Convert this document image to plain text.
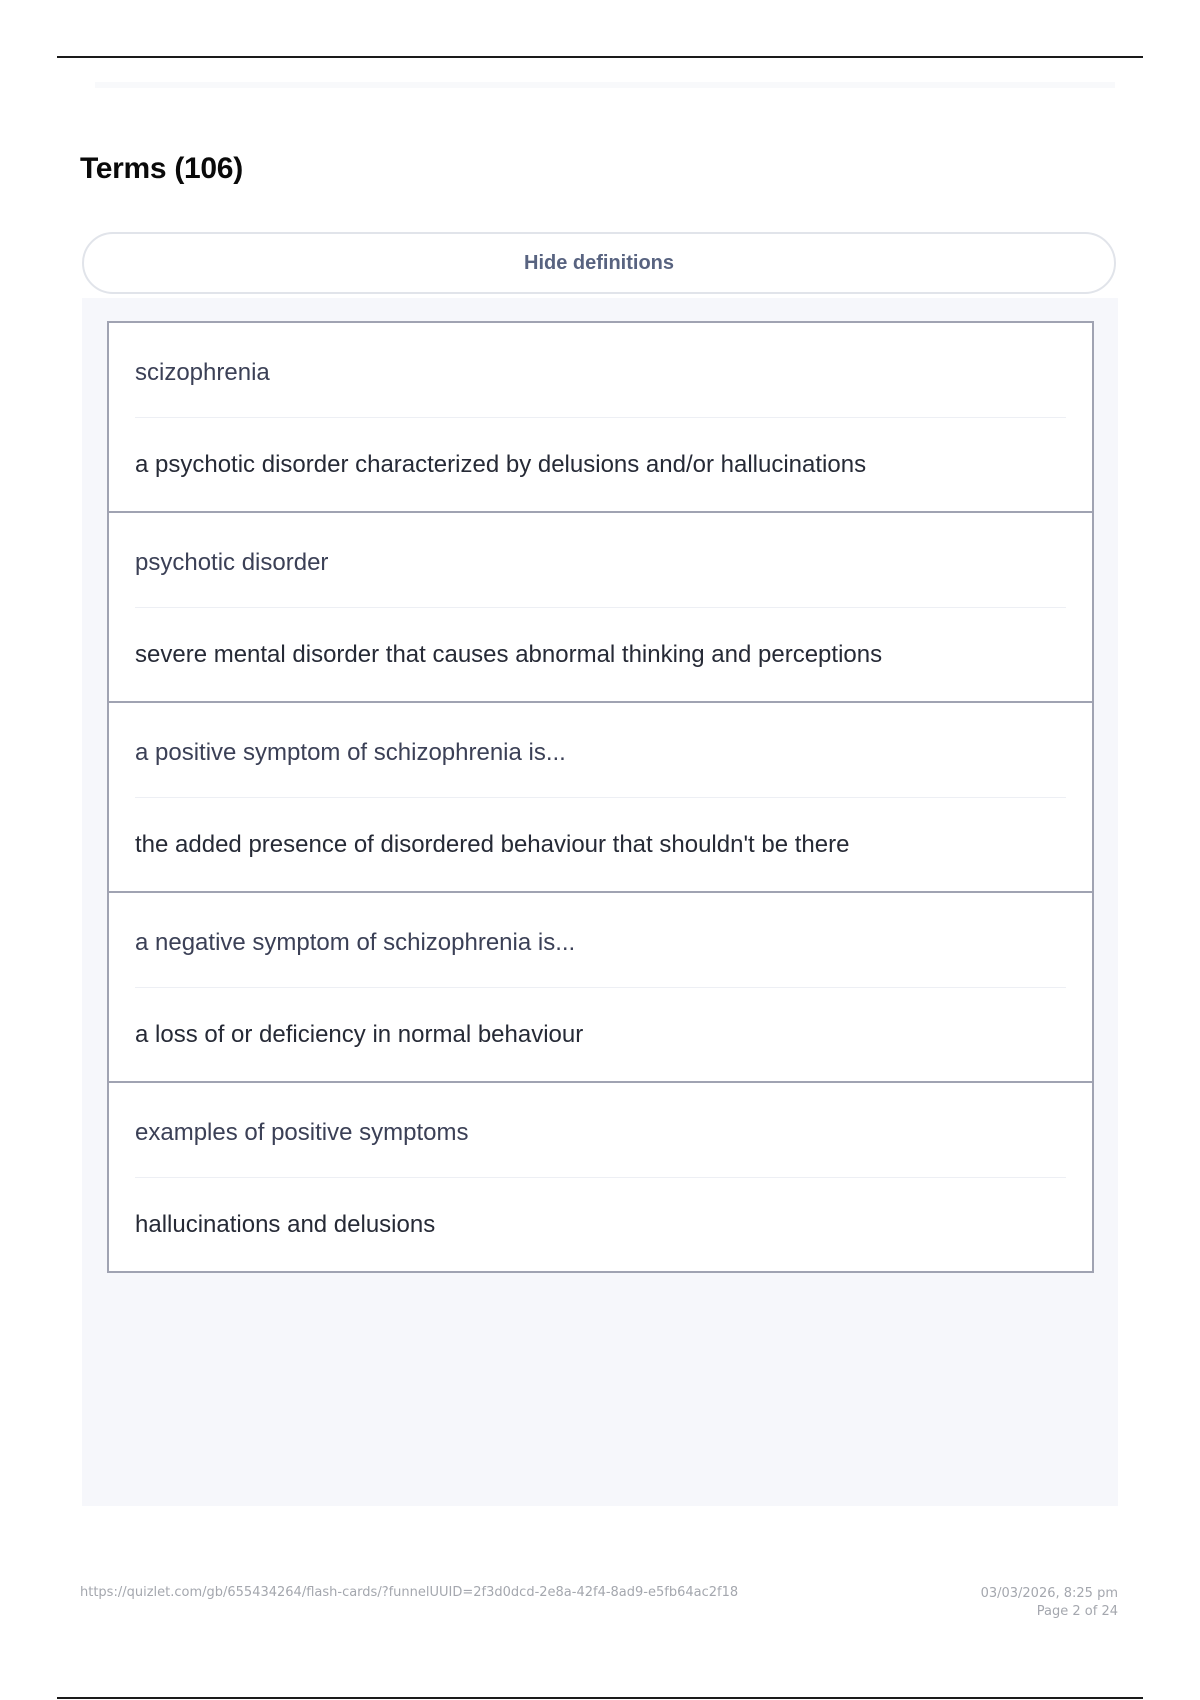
Terms (106)
Hide definitions
scizophrenia
a psychotic disorder characterized by delusions and/or hallucinations
psychotic disorder
severe mental disorder that causes abnormal thinking and perceptions
a positive symptom of schizophrenia is...
the added presence of disordered behaviour that shouldn't be there
a negative symptom of schizophrenia is...
a loss of or deficiency in normal behaviour
examples of positive symptoms
hallucinations and delusions
https://quizlet.com/gb/655434264/flash-cards/?funnelUUID=2f3d0dcd-2e8a-42f4-8ad9-e5fb64ac2f18	03/03/2026, 8:25 pm
Page 2 of 24
